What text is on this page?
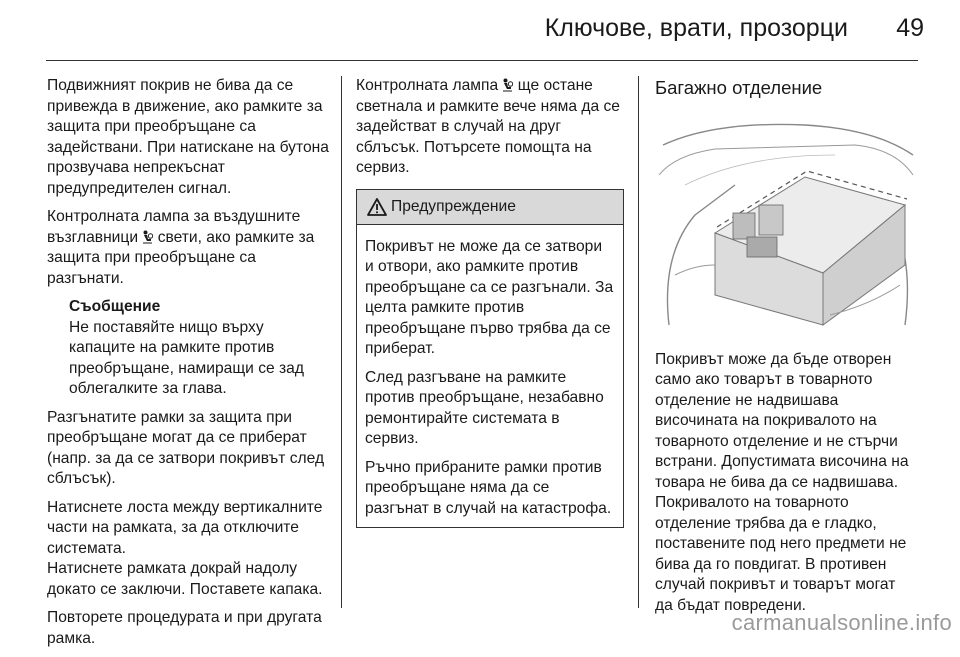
Ключове, врати, прозорци 49

Подвижният покрив не бива да се привежда в движение, ако рамките за защита при преобръщане са задействани. При натискане на бутона прозвучава непрекъснат предупредителен сигнал.

Контролната лампа за въздушните възглавници  свети, ако рамките за защита при преобръщане са разгънати.

Съобщение
Не поставяйте нищо върху капаците на рамките против преобръщане, намиращи се зад облегалките за глава.

Разгънатите рамки за защита при преобръщане могат да се приберат (напр. за да се затвори покривът след сблъсък).

Натиснете лоста между вертикалните части на рамката, за да отключите системата.

Натиснете рамката докрай надолу докато се заключи. Поставете капака.

Повторете процедурата и при другата рамка.

Контролната лампа  ще остане светнала и рамките вече няма да се задействат в случай на друг сблъсък. Потърсете помощта на сервиз.

Предупреждение

Покривът не може да се затвори и отвори, ако рамките против преобръщане са се разгънали. За целта рамките против преобръщане първо трябва да се приберат.

След разгъване на рамките против преобръщане, незабавно ремонтирайте системата в сервиз.

Ръчно прибраните рамки против преобръщане няма да се разгънат в случай на катастрофа.

Багажно отделение

Покривът може да бъде отворен само ако товарът в товарното отделение не надвишава височината на покривалото на товарното отделение и не стърчи встрани. Допустимата височина на товара не бива да се надвишава. Покривалото на товарното отделение трябва да е гладко, поставените под него предмети не бива да го повдигат. В противен случай покривът и товарът могат да бъдат повредени.

carmanualsonline.info
